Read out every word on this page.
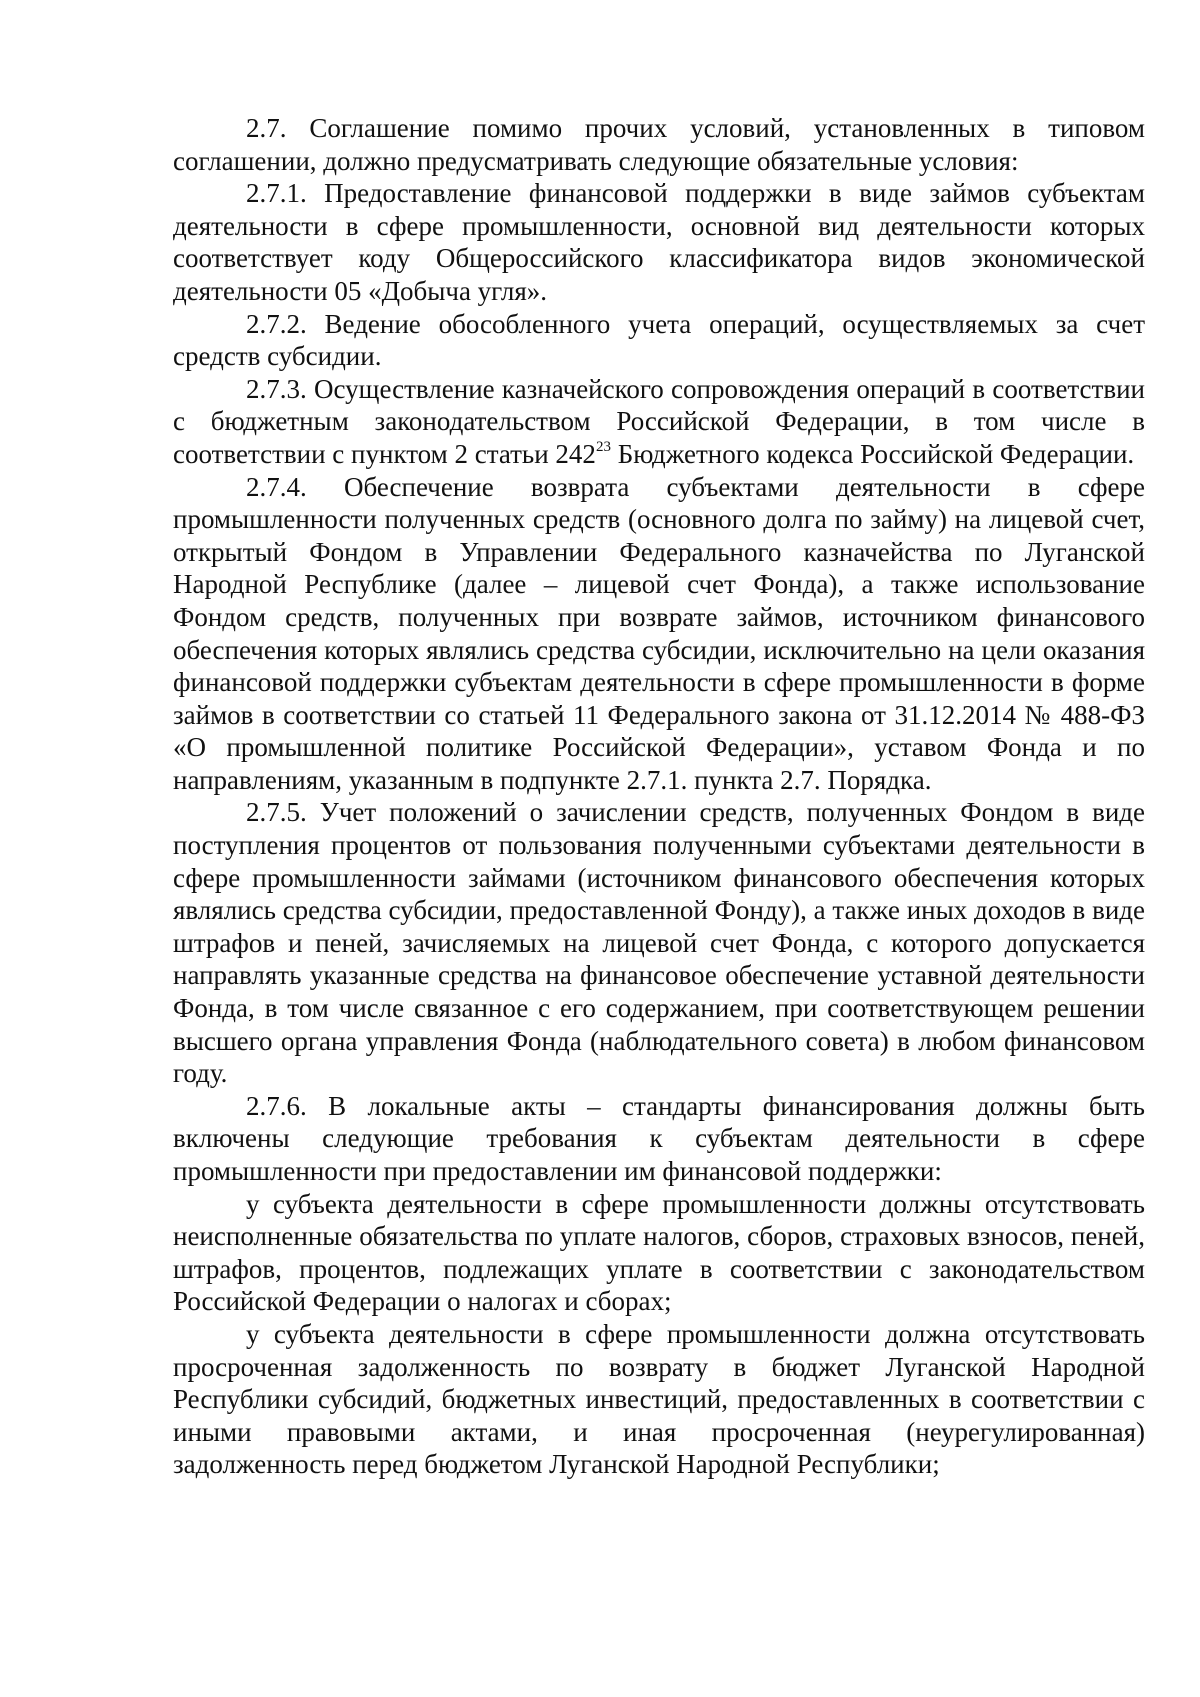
2.7. Соглашение помимо прочих условий, установленных в типовом соглашении, должно предусматривать следующие обязательные условия:

2.7.1. Предоставление финансовой поддержки в виде займов субъектам деятельности в сфере промышленности, основной вид деятельности которых соответствует коду Общероссийского классификатора видов экономической деятельности 05 «Добыча угля».

2.7.2. Ведение обособленного учета операций, осуществляемых за счет средств субсидии.

2.7.3. Осуществление казначейского сопровождения операций в соответствии с бюджетным законодательством Российской Федерации, в том числе в соответствии с пунктом 2 статьи $242^{23}$ Бюджетного кодекса Российской Федерации.

2.7.4. Обеспечение возврата субъектами деятельности в сфере промышленности полученных средств (основного долга по займу) на лицевой счет, открытый Фондом в Управлении Федерального казначейства по Луганской Народной Республике (далее – лицевой счет Фонда), а также использование Фондом средств, полученных при возврате займов, источником финансового обеспечения которых являлись средства субсидии, исключительно на цели оказания финансовой поддержки субъектам деятельности в сфере промышленности в форме займов в соответствии со статьей 11 Федерального закона от 31.12.2014 № 488-ФЗ «О промышленной политике Российской Федерации», уставом Фонда и по направлениям, указанным в подпункте 2.7.1. пункта 2.7. Порядка.

2.7.5. Учет положений о зачислении средств, полученных Фондом в виде поступления процентов от пользования полученными субъектами деятельности в сфере промышленности займами (источником финансового обеспечения которых являлись средства субсидии, предоставленной Фонду), а также иных доходов в виде штрафов и пеней, зачисляемых на лицевой счет Фонда, с которого допускается направлять указанные средства на финансовое обеспечение уставной деятельности Фонда, в том числе связанное с его содержанием, при соответствующем решении высшего органа управления Фонда (наблюдательного совета) в любом финансовом году.

2.7.6. В локальные акты – стандарты финансирования должны быть включены следующие требования к субъектам деятельности в сфере промышленности при предоставлении им финансовой поддержки:

у субъекта деятельности в сфере промышленности должны отсутствовать неисполненные обязательства по уплате налогов, сборов, страховых взносов, пеней, штрафов, процентов, подлежащих уплате в соответствии с законодательством Российской Федерации о налогах и сборах;

у субъекта деятельности в сфере промышленности должна отсутствовать просроченная задолженность по возврату в бюджет Луганской Народной Республики субсидий, бюджетных инвестиций, предоставленных в соответствии с иными правовыми актами, и иная просроченная (неурегулированная) задолженность перед бюджетом Луганской Народной Республики;
